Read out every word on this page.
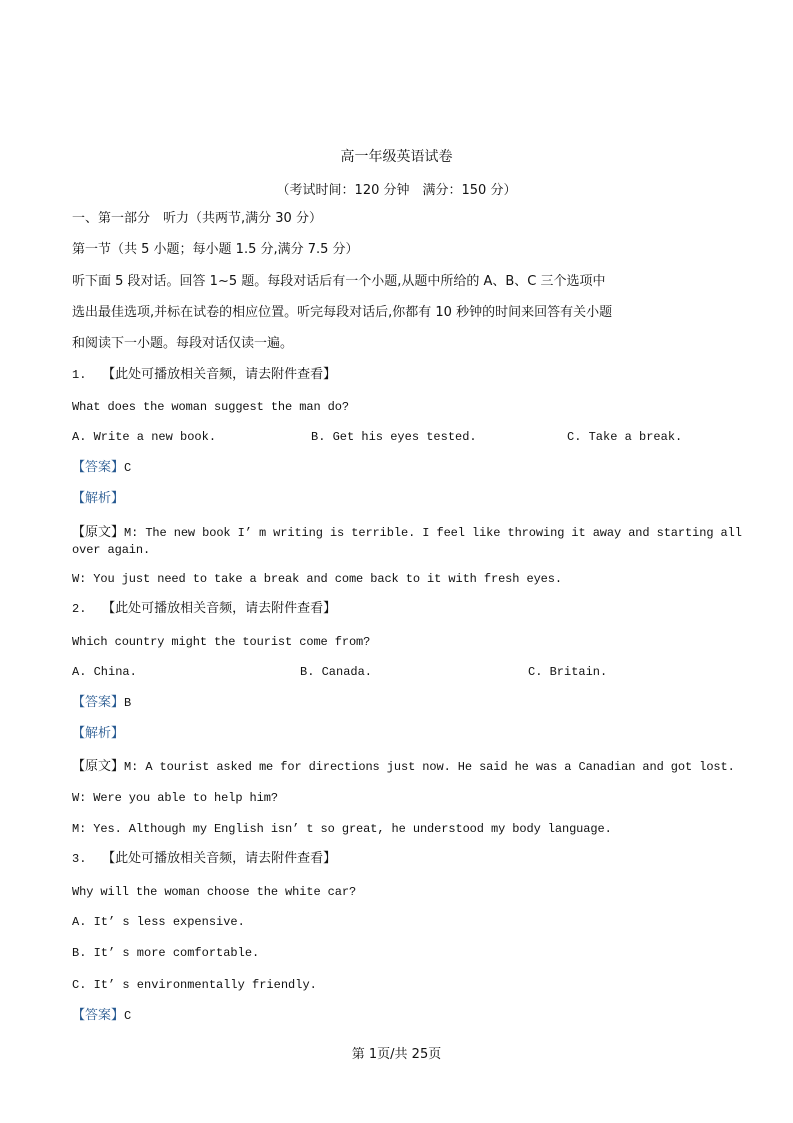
高一年级英语试卷
（考试时间：120 分钟　满分：150 分）
一、第一部分　听力（共两节,满分 30 分）
第一节（共 5 小题；每小题 1.5 分,满分 7.5 分）
听下面 5 段对话。回答 1~5 题。每段对话后有一个小题,从题中所给的 A、B、C 三个选项中
选出最佳选项,并标在试卷的相应位置。听完每段对话后,你都有 10 秒钟的时间来回答有关小题
和阅读下一小题。每段对话仅读一遍。
1. 【此处可播放相关音频，请去附件查看】
What does the woman suggest the man do?
A. Write a new book.	B. Get his eyes tested.	C. Take a break.
【答案】C
【解析】
【原文】M: The new book I’ m writing is terrible. I feel like throwing it away and starting all over again.
W: You just need to take a break and come back to it with fresh eyes.
2. 【此处可播放相关音频，请去附件查看】
Which country might the tourist come from?
A. China.	B. Canada.	C. Britain.
【答案】B
【解析】
【原文】M: A tourist asked me for directions just now. He said he was a Canadian and got lost.
W: Were you able to help him?
M: Yes. Although my English isn’ t so great, he understood my body language.
3. 【此处可播放相关音频，请去附件查看】
Why will the woman choose the white car?
A. It’ s less expensive.
B. It’ s more comfortable.
C. It’ s environmentally friendly.
【答案】C
第 1页/共 25页
